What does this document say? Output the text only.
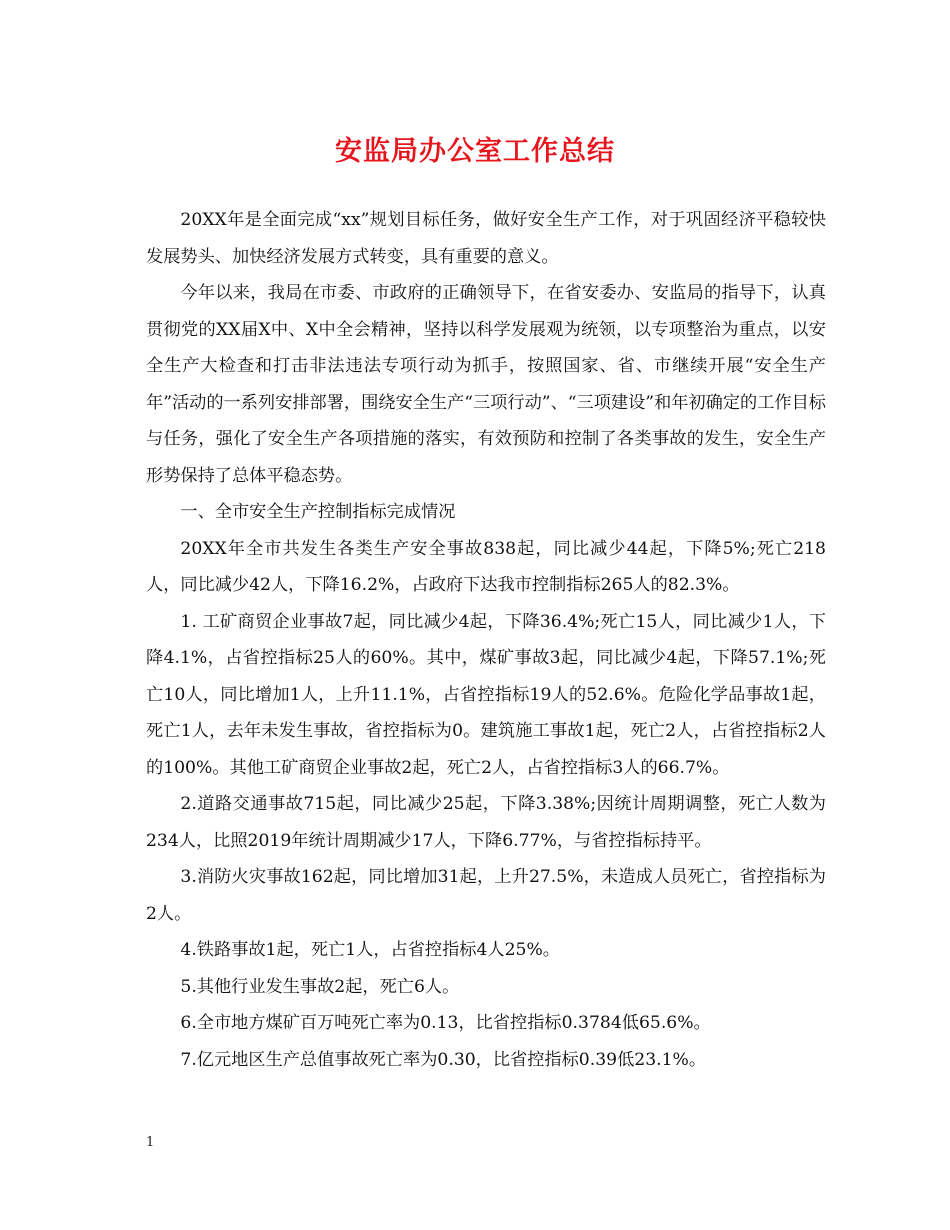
安监局办公室工作总结

20XX年是全面完成“xx”规划目标任务，做好安全生产工作，对于巩固经济平稳较快发展势头、加快经济发展方式转变，具有重要的意义。

今年以来，我局在市委、市政府的正确领导下，在省安委办、安监局的指导下，认真贯彻党的XX届X中、X中全会精神，坚持以科学发展观为统领，以专项整治为重点，以安全生产大检查和打击非法违法专项行动为抓手，按照国家、省、市继续开展“安全生产年”活动的一系列安排部署，围绕安全生产“三项行动”、“三项建设”和年初确定的工作目标与任务，强化了安全生产各项措施的落实，有效预防和控制了各类事故的发生，安全生产形势保持了总体平稳态势。

一、全市安全生产控制指标完成情况

20XX年全市共发生各类生产安全事故838起，同比减少44起，下降5%;死亡218人，同比减少42人，下降16.2%，占政府下达我市控制指标265人的82.3%。

1. 工矿商贸企业事故7起，同比减少4起，下降36.4%;死亡15人，同比减少1人，下降4.1%，占省控指标25人的60%。其中，煤矿事故3起，同比减少4起，下降57.1%;死亡10人，同比增加1人，上升11.1%，占省控指标19人的52.6%。危险化学品事故1起，死亡1人，去年未发生事故，省控指标为0。建筑施工事故1起，死亡2人，占省控指标2人的100%。其他工矿商贸企业事故2起，死亡2人，占省控指标3人的66.7%。

2.道路交通事故715起，同比减少25起，下降3.38%;因统计周期调整，死亡人数为234人，比照2019年统计周期减少17人，下降6.77%，与省控指标持平。

3.消防火灾事故162起，同比增加31起，上升27.5%，未造成人员死亡，省控指标为2人。

4.铁路事故1起，死亡1人，占省控指标4人25%。

5.其他行业发生事故2起，死亡6人。

6.全市地方煤矿百万吨死亡率为0.13，比省控指标0.3784低65.6%。

7.亿元地区生产总值事故死亡率为0.30，比省控指标0.39低23.1%。

1
